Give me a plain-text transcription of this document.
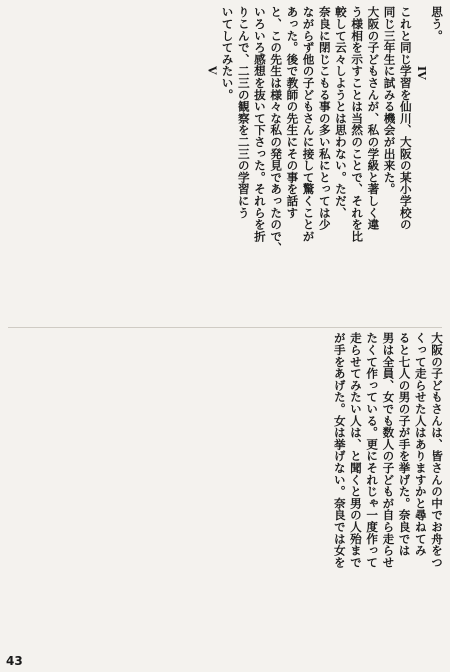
思う。
IV
これと同じ学習を仙川、大阪の某小学校の
同じ三年生に試みる機会が出来た。
大阪の子どもさんが、私の学級と著しく違
う様相を示すことは当然のことで、それを比
較して云々しようとは思わない。ただ、
奈良に閉じこもる事の多い私にとっては少
ながらず他の子どもさんに接して驚くことが
あった。後で教師の先生にその事を話す
と、この先生は様々な私の発見であったので、
いろいろ感想を抜いて下さった。それらを折
りこんで、二三の観察を二三の学習にう
いてしてみたい。
V
大阪の子どもさんは、皆さんの中でお舟をつ
くって走らせた人はありますかと尋ねてみ
ると七人の男の子が手を挙げた。奈良では
男は全員、女でも数人の子どもが自ら走らせ
たくて作っている。更にそれじゃ一度作って
走らせてみたい人は、と聞くと男の人殆まで
が手をあげた。女は挙げない。奈良では女を
43
